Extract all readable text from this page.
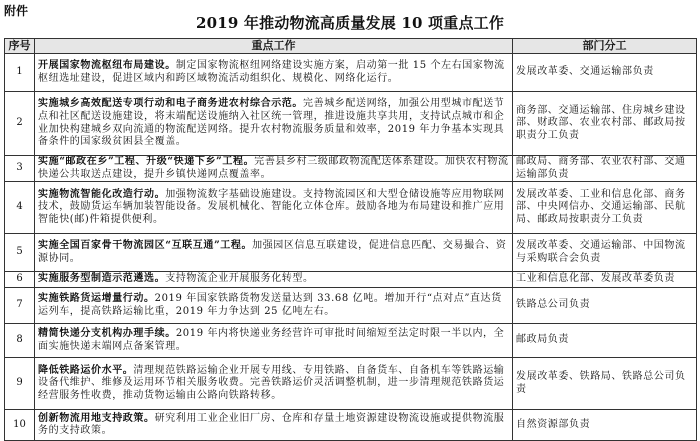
附件
2019 年推动物流高质量发展 10 项重点工作
序号	重点工作	部门分工
1	开展国家物流枢纽布局建设。制定国家物流枢纽网络建设实施方案，启动第一批 15 个左右国家物流枢纽选址建设，促进区域内和跨区域物流活动组织化、规模化、网络化运行。	发展改革委、交通运输部负责
2	实施城乡高效配送专项行动和电子商务进农村综合示范。完善城乡配送网络，加强公用型城市配送节点和社区配送设施建设，将末端配送设施纳入社区统一管理，推进设施共享共用，支持试点城市和企业加快构建城乡双向流通的物流配送网络。提升农村物流服务质量和效率，2019 年力争基本实现具备条件的国家级贫困县全覆盖。	商务部、交通运输部、住房城乡建设部、财政部、农业农村部、邮政局按职责分工负责
3	实施“邮政在乡”工程、升级“快递下乡”工程。完善县乡村三级邮政物流配送体系建设。加快农村物流快递公共取送点建设，提升乡镇快递网点覆盖率。	邮政局、商务部、农业农村部、交通运输部负责
4	实施物流智能化改造行动。加强物流数字基础设施建设。支持物流园区和大型仓储设施等应用物联网技术，鼓励货运车辆加装智能设备。发展机械化、智能化立体仓库。鼓励各地为布局建设和推广应用智能快(邮)件箱提供便利。	发展改革委、工业和信息化部、商务部、中央网信办、交通运输部、民航局、邮政局按职责分工负责
5	实施全国百家骨干物流园区“互联互通”工程。加强园区信息互联建设，促进信息匹配、交易撮合、资源协同。	发展改革委、交通运输部、中国物流与采购联合会负责
6	实施服务型制造示范遴选。支持物流企业开展服务化转型。	工业和信息化部、发展改革委负责
7	实施铁路货运增量行动。2019 年国家铁路货物发送量达到 33.68 亿吨。增加开行“点对点”直达货运列车，提高铁路运输比重，2019 年力争达到 25 亿吨左右。	铁路总公司负责
8	精简快递分支机构办理手续。2019 年内将快递业务经营许可审批时间缩短至法定时限一半以内，全面实施快递末端网点备案管理。	邮政局负责
9	降低铁路运价水平。清理规范铁路运输企业开展专用线、专用铁路、自备货车、自备机车等铁路运输设备代维护、维修及运用环节相关服务收费。完善铁路运价灵活调整机制，进一步清理规范铁路货运经营服务性收费，推动货物运输由公路向铁路转移。	发展改革委、铁路局、铁路总公司负责
10	创新物流用地支持政策。研究利用工业企业旧厂房、仓库和存量土地资源建设物流设施或提供物流服务的支持政策。	自然资源部负责
